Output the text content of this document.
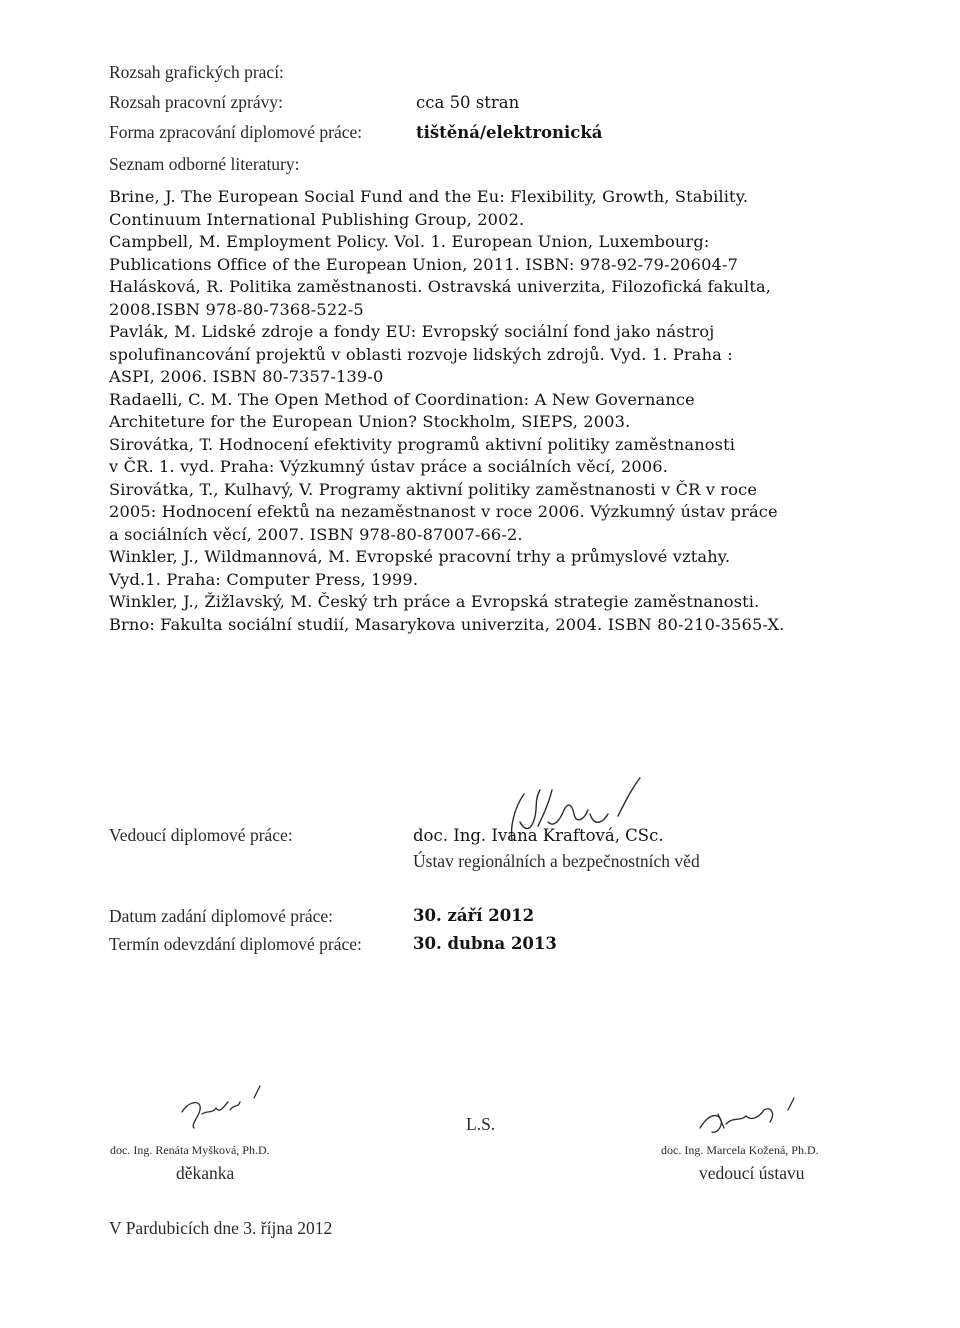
Rozsah grafických prací:
Rozsah pracovní zprávy:	cca 50 stran
Forma zpracování diplomové práce:	tištěná/elektronická
Seznam odborné literatury:
Brine, J. The European Social Fund and the Eu: Flexibility, Growth, Stability.
Continuum International Publishing Group, 2002.
Campbell, M. Employment Policy. Vol. 1. European Union, Luxembourg:
Publications Office of the European Union, 2011. ISBN: 978-92-79-20604-7
Halásková, R. Politika zaměstnanosti. Ostravská univerzita, Filozofická fakulta,
2008.ISBN 978-80-7368-522-5
Pavlák, M. Lidské zdroje a fondy EU: Evropský sociální fond jako nástroj
spolufinancování projektů v oblasti rozvoje lidských zdrojů. Vyd. 1. Praha :
ASPI, 2006. ISBN 80-7357-139-0
Radaelli, C. M. The Open Method of Coordination: A New Governance
Architeture for the European Union? Stockholm, SIEPS, 2003.
Sirovátka, T. Hodnocení efektivity programů aktivní politiky zaměstnanosti
v ČR. 1. vyd. Praha: Výzkumný ústav práce a sociálních věcí, 2006.
Sirovátka, T., Kulhavý, V. Programy aktivní politiky zaměstnanosti v ČR v roce
2005: Hodnocení efektů na nezaměstnanost v roce 2006. Výzkumný ústav práce
a sociálních věcí, 2007. ISBN 978-80-87007-66-2.
Winkler, J., Wildmannová, M. Evropské pracovní trhy a průmyslové vztahy.
Vyd.1. Praha: Computer Press, 1999.
Winkler, J., Žižlavský, M. Český trh práce a Evropská strategie zaměstnanosti.
Brno: Fakulta sociální studií, Masarykova univerzita, 2004. ISBN 80-210-3565-X.
Vedoucí diplomové práce:	doc. Ing. Ivana Kraftová, CSc.
Ústav regionálních a bezpečnostních věd
Datum zadání diplomové práce:	30. září 2012
Termín odevzdání diplomové práce:	30. dubna 2013
doc. Ing. Renáta Myšková, Ph.D.
děkanka
L.S.
doc. Ing. Marcela Kožená, Ph.D.
vedoucí ústavu
V Pardubicích dne 3. října 2012
